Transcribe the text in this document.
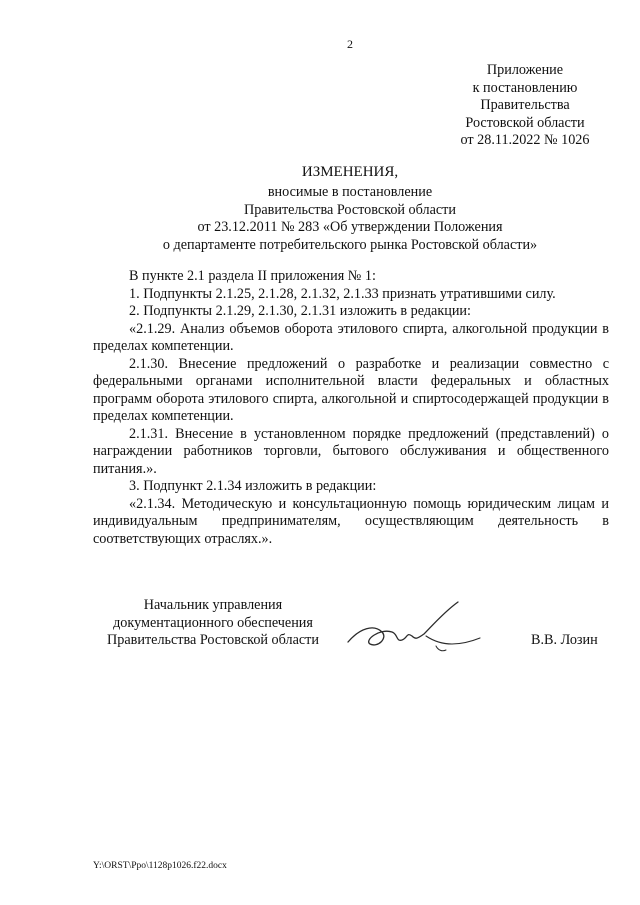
2
Приложение
к постановлению
Правительства
Ростовской области
от 28.11.2022 № 1026
ИЗМЕНЕНИЯ,
вносимые в постановление
Правительства Ростовской области
от 23.12.2011 № 283 «Об утверждении Положения
о департаменте потребительского рынка Ростовской области»

В пункте 2.1 раздела II приложения № 1:

1. Подпункты 2.1.25, 2.1.28, 2.1.32, 2.1.33 признать утратившими силу.

2. Подпункты 2.1.29, 2.1.30, 2.1.31 изложить в редакции:

«2.1.29. Анализ объемов оборота этилового спирта, алкогольной продукции в пределах компетенции.

2.1.30. Внесение предложений о разработке и реализации совместно с федеральными органами исполнительной власти федеральных и областных программ оборота этилового спирта, алкогольной и спиртосодержащей продукции в пределах компетенции.

2.1.31. Внесение в установленном порядке предложений (представлений) о награждении работников торговли, бытового обслуживания и общественного питания.».

3. Подпункт 2.1.34 изложить в редакции:

«2.1.34. Методическую и консультационную помощь юридическим лицам и индивидуальным предпринимателям, осуществляющим деятельность в соответствующих отраслях.».

Начальник управления
документационного обеспечения
Правительства Ростовской области	В.В. Лозин
Y:\ORST\Ppo\1128p1026.f22.docx
